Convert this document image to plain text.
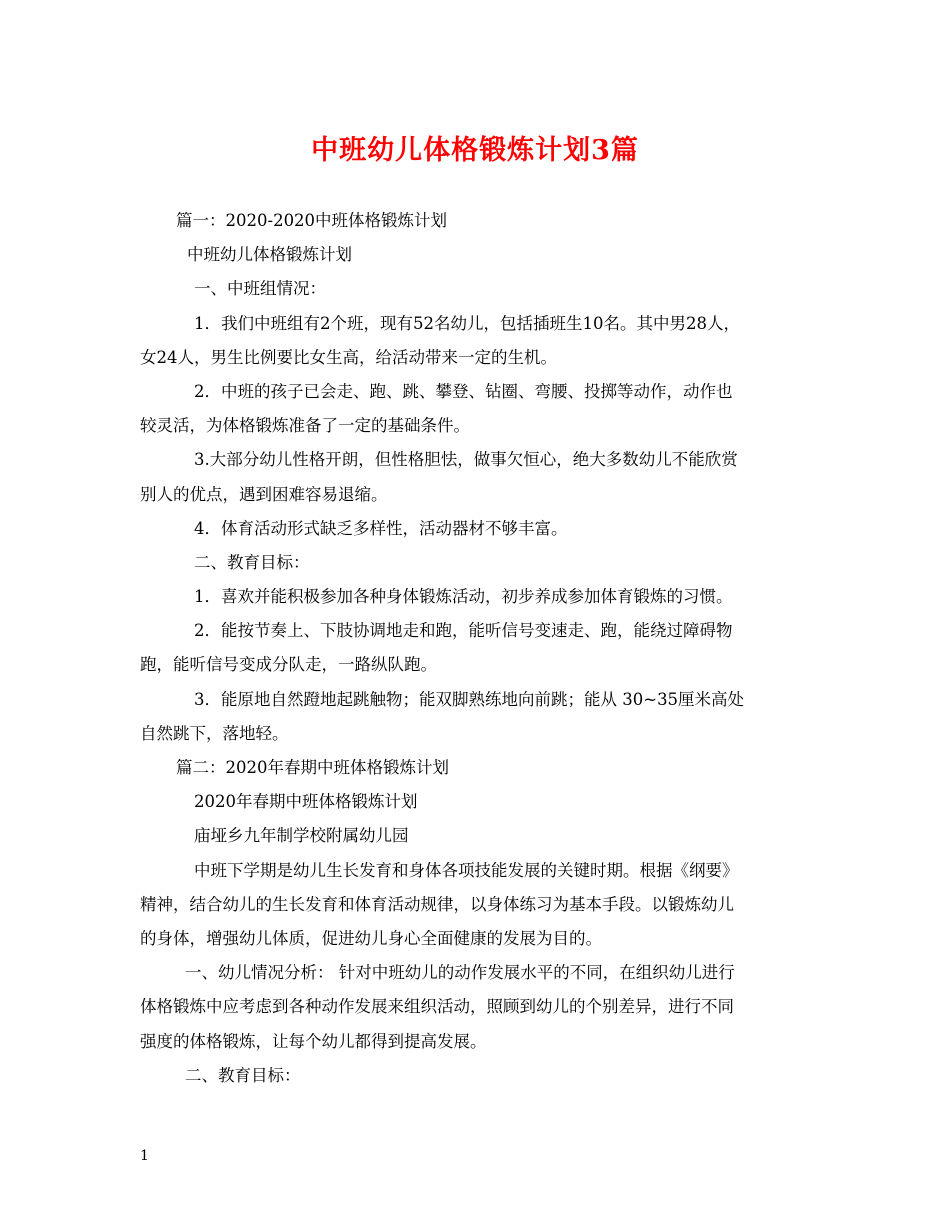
中班幼儿体格锻炼计划3篇
篇一：2020-2020中班体格锻炼计划
中班幼儿体格锻炼计划
一、中班组情况：
1．我们中班组有2个班，现有52名幼儿，包括插班生10名。其中男28人，
女24人，男生比例要比女生高，给活动带来一定的生机。
2．中班的孩子已会走、跑、跳、攀登、钻圈、弯腰、投掷等动作，动作也
较灵活，为体格锻炼准备了一定的基础条件。
3.大部分幼儿性格开朗，但性格胆怯，做事欠恒心，绝大多数幼儿不能欣赏
别人的优点，遇到困难容易退缩。
4．体育活动形式缺乏多样性，活动器材不够丰富。
二、教育目标：
1．喜欢并能积极参加各种身体锻炼活动，初步养成参加体育锻炼的习惯。
2．能按节奏上、下肢协调地走和跑，能听信号变速走、跑，能绕过障碍物
跑，能听信号变成分队走，一路纵队跑。
3．能原地自然蹬地起跳触物；能双脚熟练地向前跳；能从 30~35厘米高处
自然跳下，落地轻。
篇二：2020年春期中班体格锻炼计划
2020年春期中班体格锻炼计划
庙垭乡九年制学校附属幼儿园
中班下学期是幼儿生长发育和身体各项技能发展的关键时期。根据《纲要》
精神，结合幼儿的生长发育和体育活动规律，以身体练习为基本手段。以锻炼幼儿
的身体，增强幼儿体质，促进幼儿身心全面健康的发展为目的。
一、幼儿情况分析： 针对中班幼儿的动作发展水平的不同，在组织幼儿进行
体格锻炼中应考虑到各种动作发展来组织活动，照顾到幼儿的个别差异，进行不同
强度的体格锻炼，让每个幼儿都得到提高发展。
二、教育目标：
1
